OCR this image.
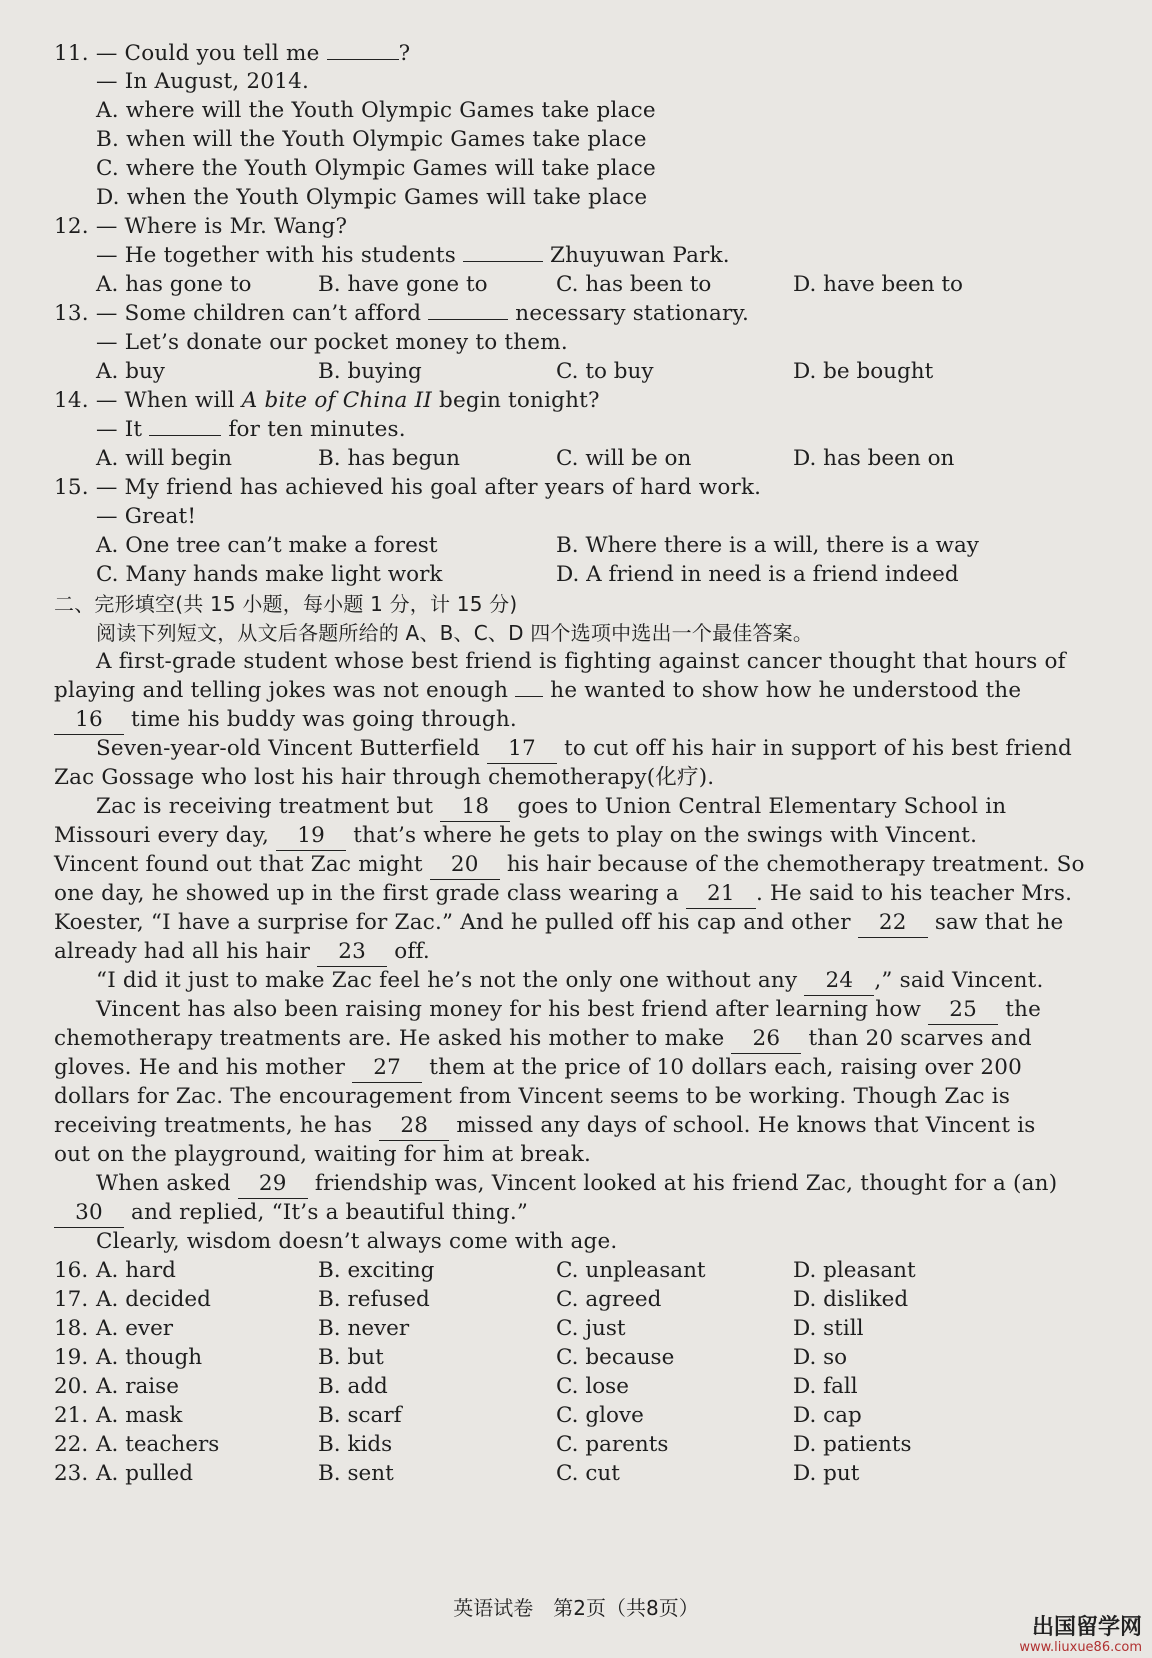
11. — Could you tell me	?
— In August, 2014.
A. where will the Youth Olympic Games take place
B. when will the Youth Olympic Games take place
C. where the Youth Olympic Games will take place
D. when the Youth Olympic Games will take place
12. — Where is Mr. Wang?
— He together with his students	Zhuyuwan Park.
A. has gone to	B. have gone to	C. has been to	D. have been to
13. — Some children can’t afford	necessary stationary.
— Let’s donate our pocket money to them.
A. buy	B. buying	C. to buy	D. be bought
14. — When will A bite of China II begin tonight?
— It	for ten minutes.
A. will begin	B. has begun	C. will be on	D. has been on
15. — My friend has achieved his goal after years of hard work.
— Great!
A. One tree can’t make a forest	B. Where there is a will, there is a way
C. Many hands make light work	D. A friend in need is a friend indeed
二、完形填空(共 15 小题，每小题 1 分，计 15 分)
阅读下列短文，从文后各题所给的 A、B、C、D 四个选项中选出一个最佳答案。
A first-grade student whose best friend is fighting against cancer thought that hours of
playing and telling jokes was not enough he wanted to show how he understood the
16 time his buddy was going through.
Seven-year-old Vincent Butterfield 17 to cut off his hair in support of his best friend
Zac Gossage who lost his hair through chemotherapy(化疗).
Zac is receiving treatment but 18 goes to Union Central Elementary School in
Missouri every day, 19 that’s where he gets to play on the swings with Vincent.
Vincent found out that Zac might 20 his hair because of the chemotherapy treatment. So
one day, he showed up in the first grade class wearing a 21 . He said to his teacher Mrs.
Koester, “I have a surprise for Zac.” And he pulled off his cap and other 22 saw that he
already had all his hair 23 off.
“I did it just to make Zac feel he’s not the only one without any 24 ,” said Vincent.
Vincent has also been raising money for his best friend after learning how 25 the
chemotherapy treatments are. He asked his mother to make 26 than 20 scarves and
gloves. He and his mother 27 them at the price of 10 dollars each, raising over 200
dollars for Zac. The encouragement from Vincent seems to be working. Though Zac is
receiving treatments, he has 28 missed any days of school. He knows that Vincent is
out on the playground, waiting for him at break.
When asked 29 friendship was, Vincent looked at his friend Zac, thought for a (an)
30 and replied, “It’s a beautiful thing.”
Clearly, wisdom doesn’t always come with age.
16. A. hard	B. exciting	C. unpleasant	D. pleasant
17. A. decided	B. refused	C. agreed	D. disliked
18. A. ever	B. never	C. just	D. still
19. A. though	B. but	C. because	D. so
20. A. raise	B. add	C. lose	D. fall
21. A. mask	B. scarf	C. glove	D. cap
22. A. teachers	B. kids	C. parents	D. patients
23. A. pulled	B. sent	C. cut	D. put
英语试卷　第2页（共8页）
出国留学网
www.liuxue86.com
